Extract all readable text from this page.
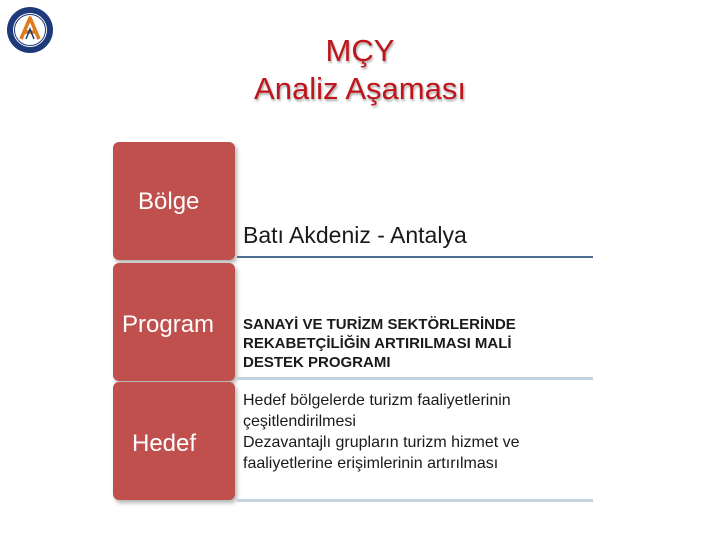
MÇY
Analiz Aşaması
Bölge
Batı Akdeniz - Antalya
Program SANAYİ VE TURİZM SEKTÖRLERİNDE
REKABETÇİLİĞİN ARTIRILMASI MALİ
DESTEK PROGRAMI
Hedef
Hedef bölgelerde turizm faaliyetlerinin
çeşitlendirilmesi
Dezavantajlı grupların turizm hizmet ve
faaliyetlerine erişimlerinin artırılması
